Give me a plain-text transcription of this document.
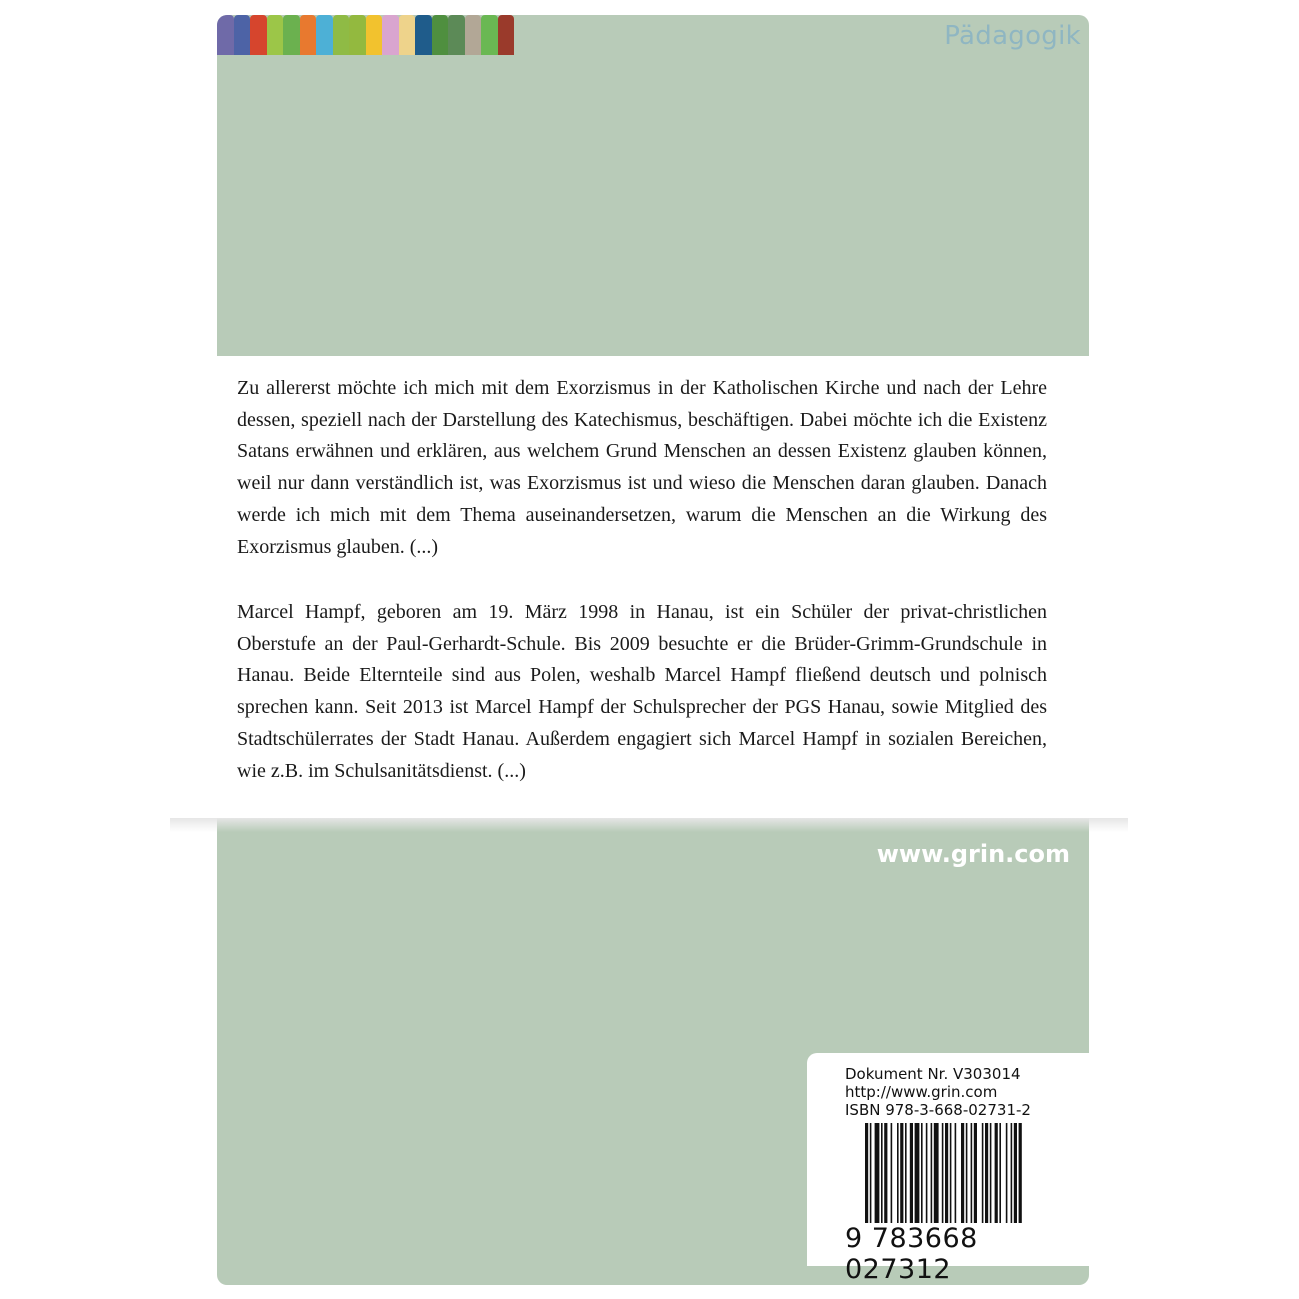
Pädagogik

Zu allererst möchte ich mich mit dem Exorzismus in der Katholischen Kirche und nach der Lehre dessen, speziell nach der Darstellung des Katechismus, beschäftigen. Dabei möchte ich die Existenz Satans erwähnen und erklären, aus welchem Grund Menschen an dessen Existenz glauben können, weil nur dann verständlich ist, was Exorzismus ist und wieso die Menschen daran glauben. Danach werde ich mich mit dem Thema auseinandersetzen, warum die Menschen an die Wirkung des Exorzismus glauben. (...)

Marcel Hampf, geboren am 19. März 1998 in Hanau, ist ein Schüler der privat-christlichen Oberstufe an der Paul-Gerhardt-Schule. Bis 2009 besuchte er die Brüder-Grimm-Grundschule in Hanau. Beide Elternteile sind aus Polen, weshalb Marcel Hampf fließend deutsch und polnisch sprechen kann. Seit 2013 ist Marcel Hampf der Schulsprecher der PGS Hanau, sowie Mitglied des Stadtschülerrates der Stadt Hanau. Außerdem engagiert sich Marcel Hampf in sozialen Bereichen, wie z.B. im Schulsanitätsdienst. (...)

www.grin.com
Dokument Nr. V303014
http://www.grin.com
ISBN 978-3-668-02731-2
9 783668 027312
